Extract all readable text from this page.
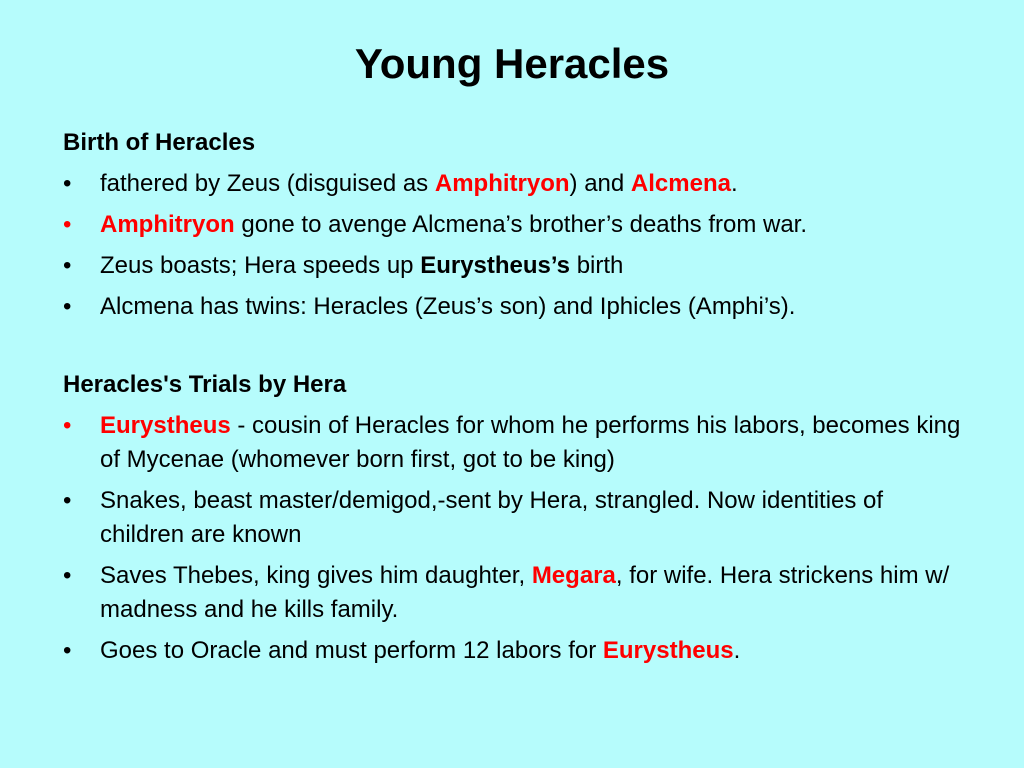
Young Heracles
Birth of Heracles
• fathered by Zeus (disguised as Amphitryon) and Alcmena.
• Amphitryon gone to avenge Alcmena’s brother’s deaths from war.
• Zeus boasts; Hera speeds up Eurystheus’s birth
• Alcmena has twins: Heracles (Zeus’s son) and Iphicles (Amphi’s).
Heracles's Trials by Hera
• Eurystheus - cousin of Heracles for whom he performs his labors, becomes king of Mycenae (whomever born first, got to be king)
• Snakes, beast master/demigod,-sent by Hera, strangled. Now identities of children are known
• Saves Thebes, king gives him daughter, Megara, for wife. Hera strickens him w/ madness and he kills family.
• Goes to Oracle and must perform 12 labors for Eurystheus.
